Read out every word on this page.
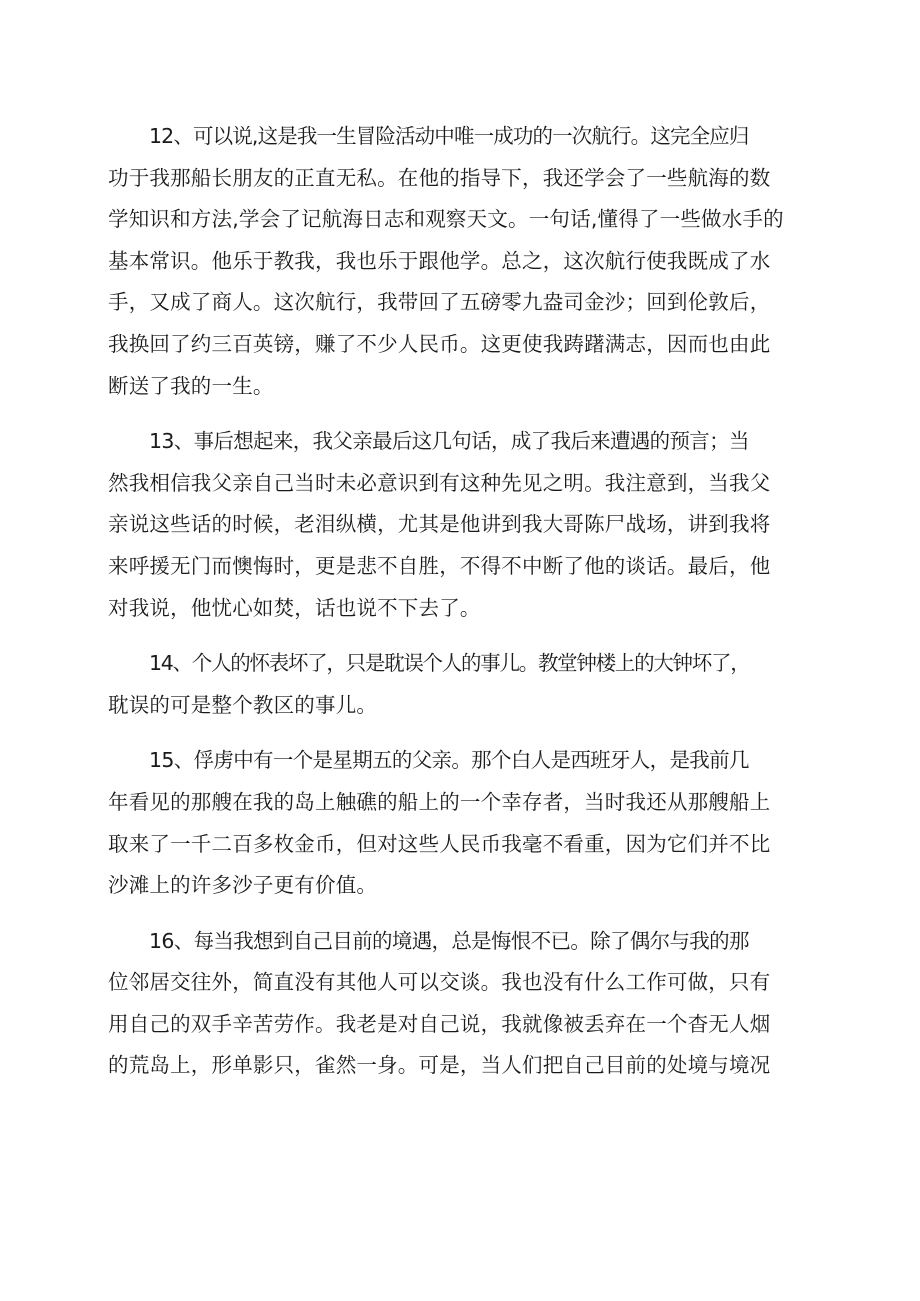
12、可以说,这是我一生冒险活动中唯一成功的一次航行。这完全应归
功于我那船长朋友的正直无私。在他的指导下，我还学会了一些航海的数
学知识和方法,学会了记航海日志和观察天文。一句话,懂得了一些做水手的
基本常识。他乐于教我，我也乐于跟他学。总之，这次航行使我既成了水
手，又成了商人。这次航行，我带回了五磅零九盎司金沙；回到伦敦后，
我换回了约三百英镑，赚了不少人民币。这更使我踌躇满志，因而也由此
断送了我的一生。
13、事后想起来，我父亲最后这几句话，成了我后来遭遇的预言；当
然我相信我父亲自己当时未必意识到有这种先见之明。我注意到，当我父
亲说这些话的时候，老泪纵横，尤其是他讲到我大哥陈尸战场，讲到我将
来呼援无门而懊悔时，更是悲不自胜，不得不中断了他的谈话。最后，他
对我说，他忧心如焚，话也说不下去了。
14、个人的怀表坏了，只是耽误个人的事儿。教堂钟楼上的大钟坏了，
耽误的可是整个教区的事儿。
15、俘虏中有一个是星期五的父亲。那个白人是西班牙人，是我前几
年看见的那艘在我的岛上触礁的船上的一个幸存者，当时我还从那艘船上
取来了一千二百多枚金币，但对这些人民币我毫不看重，因为它们并不比
沙滩上的许多沙子更有价值。
16、每当我想到自己目前的境遇，总是悔恨不已。除了偶尔与我的那
位邻居交往外，简直没有其他人可以交谈。我也没有什么工作可做，只有
用自己的双手辛苦劳作。我老是对自己说，我就像被丢弃在一个杳无人烟
的荒岛上，形单影只，雀然一身。可是，当人们把自己目前的处境与境况
